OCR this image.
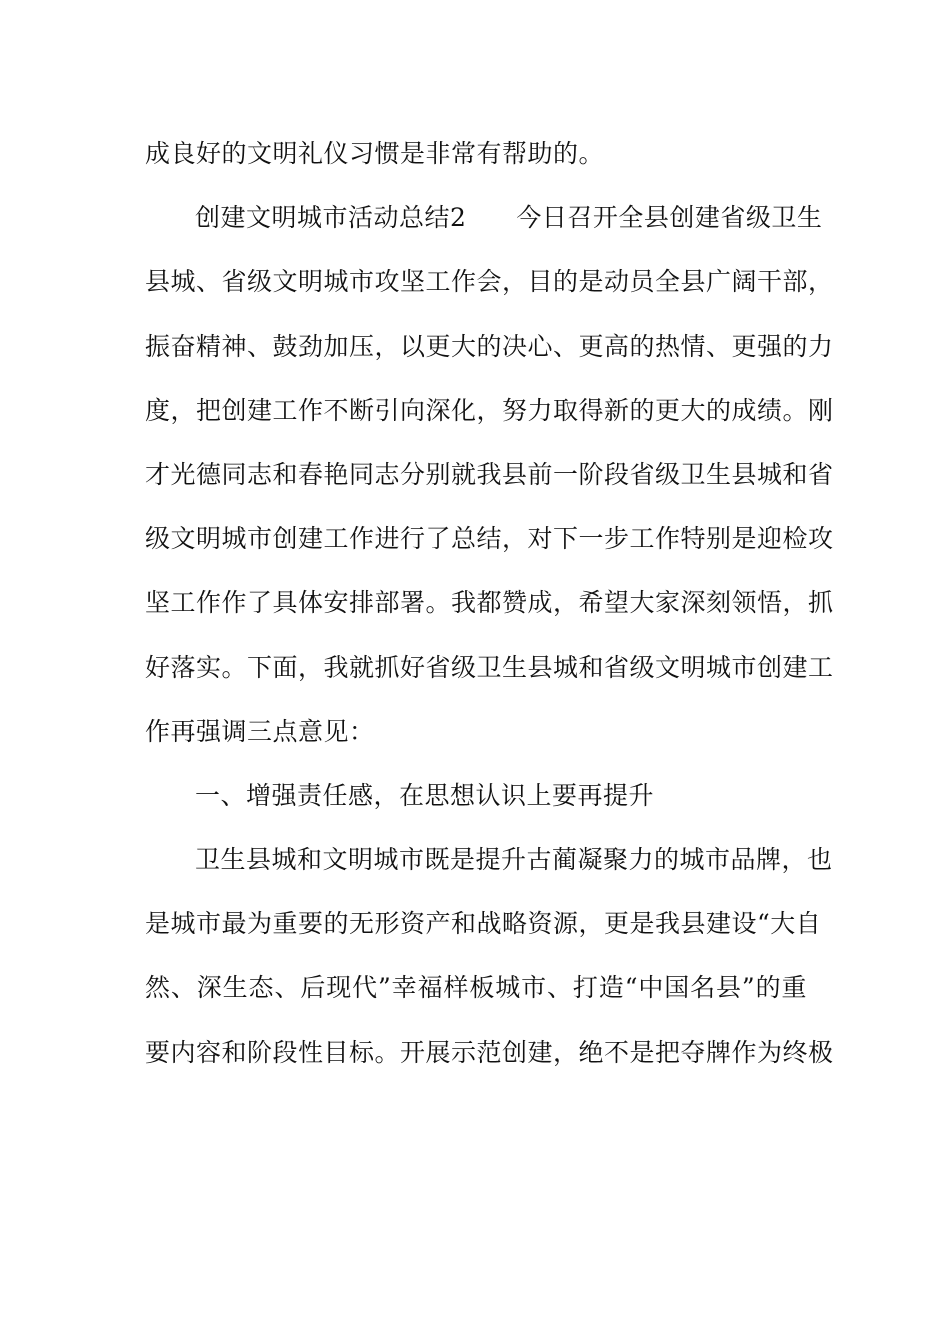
成良好的文明礼仪习惯是非常有帮助的。
创建文明城市活动总结2 今日召开全县创建省级卫生
县城、省级文明城市攻坚工作会，目的是动员全县广阔干部，
振奋精神、鼓劲加压，以更大的决心、更高的热情、更强的力
度，把创建工作不断引向深化，努力取得新的更大的成绩。刚
才光德同志和春艳同志分别就我县前一阶段省级卫生县城和省
级文明城市创建工作进行了总结，对下一步工作特别是迎检攻
坚工作作了具体安排部署。我都赞成，希望大家深刻领悟，抓
好落实。下面，我就抓好省级卫生县城和省级文明城市创建工
作再强调三点意见：
一、增强责任感，在思想认识上要再提升
卫生县城和文明城市既是提升古蔺凝聚力的城市品牌，也
是城市最为重要的无形资产和战略资源，更是我县建设“大自
然、深生态、后现代”幸福样板城市、打造“中国名县”的重
要内容和阶段性目标。开展示范创建，绝不是把夺牌作为终极
